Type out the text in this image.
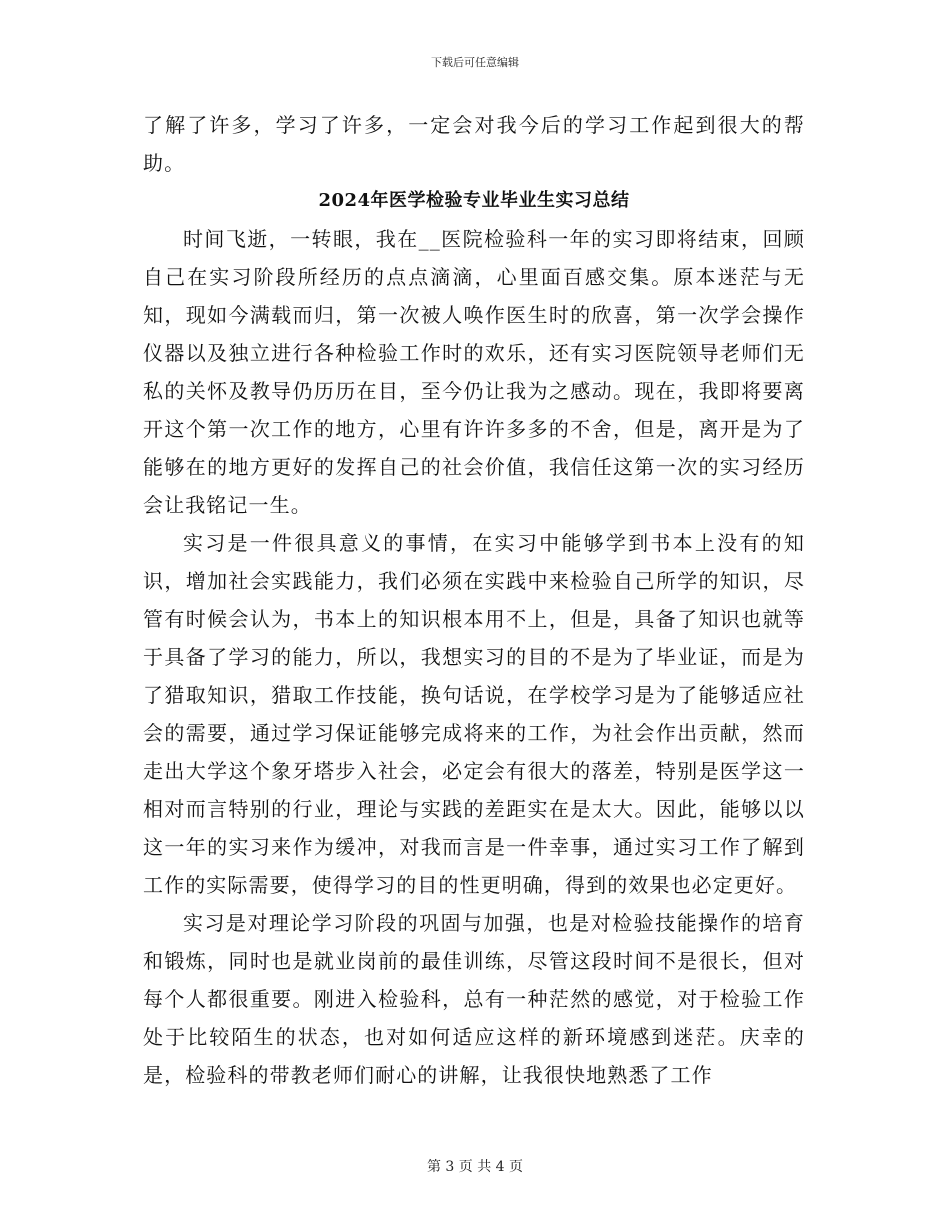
下载后可任意编辑

了解了许多，学习了许多，一定会对我今后的学习工作起到很大的帮助。

2024年医学检验专业毕业生实习总结

时间飞逝，一转眼，我在__医院检验科一年的实习即将结束，回顾自己在实习阶段所经历的点点滴滴，心里面百感交集。原本迷茫与无知，现如今满载而归，第一次被人唤作医生时的欣喜，第一次学会操作仪器以及独立进行各种检验工作时的欢乐，还有实习医院领导老师们无私的关怀及教导仍历历在目，至今仍让我为之感动。现在，我即将要离开这个第一次工作的地方，心里有许许多多的不舍，但是，离开是为了能够在的地方更好的发挥自己的社会价值，我信任这第一次的实习经历会让我铭记一生。

实习是一件很具意义的事情，在实习中能够学到书本上没有的知识，增加社会实践能力，我们必须在实践中来检验自己所学的知识，尽管有时候会认为，书本上的知识根本用不上，但是，具备了知识也就等于具备了学习的能力，所以，我想实习的目的不是为了毕业证，而是为了猎取知识，猎取工作技能，换句话说，在学校学习是为了能够适应社会的需要，通过学习保证能够完成将来的工作，为社会作出贡献，然而走出大学这个象牙塔步入社会，必定会有很大的落差，特别是医学这一相对而言特别的行业，理论与实践的差距实在是太大。因此，能够以以这一年的实习来作为缓冲，对我而言是一件幸事，通过实习工作了解到工作的实际需要，使得学习的目的性更明确，得到的效果也必定更好。

实习是对理论学习阶段的巩固与加强，也是对检验技能操作的培育和锻炼，同时也是就业岗前的最佳训练，尽管这段时间不是很长，但对每个人都很重要。刚进入检验科，总有一种茫然的感觉，对于检验工作处于比较陌生的状态，也对如何适应这样的新环境感到迷茫。庆幸的是，检验科的带教老师们耐心的讲解，让我很快地熟悉了工作

第 3 页 共 4 页
